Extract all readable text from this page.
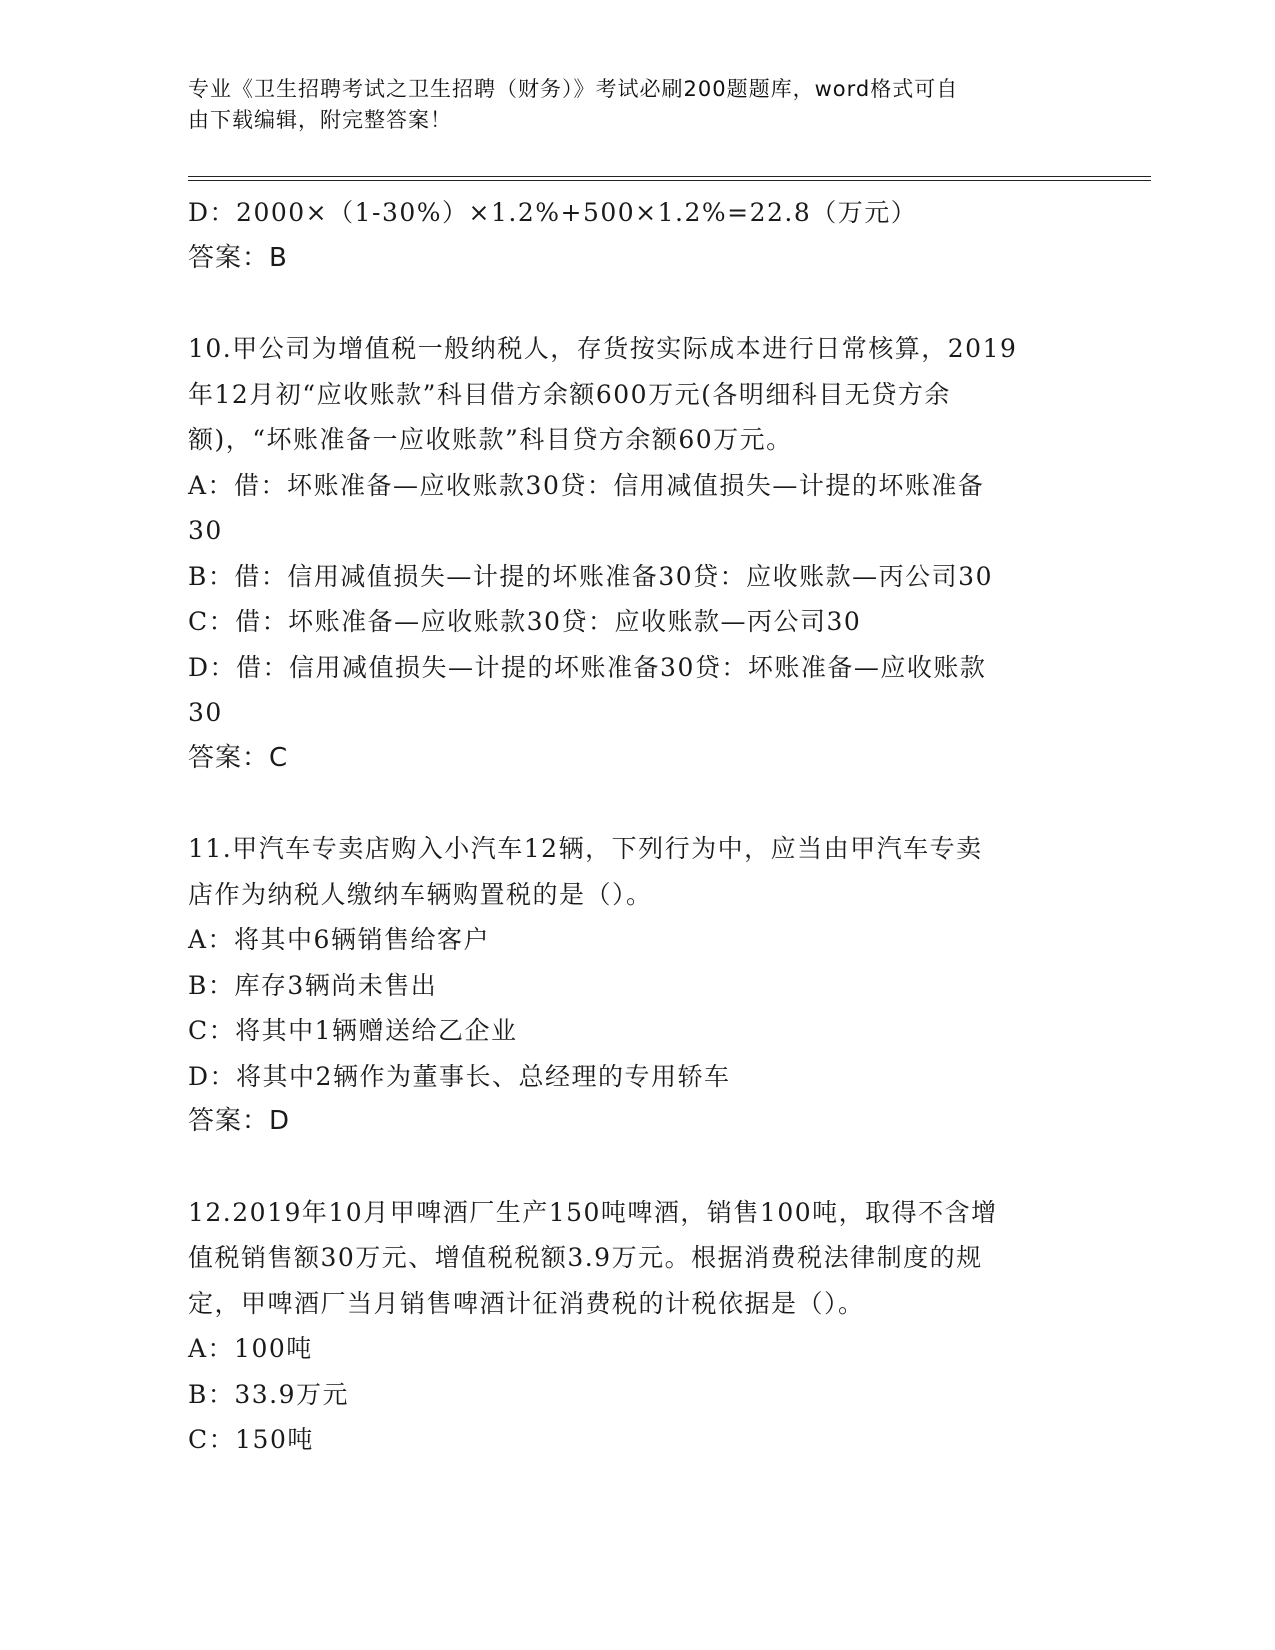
专业《卫生招聘考试之卫生招聘（财务）》考试必刷200题题库，word格式可自
由下载编辑，附完整答案！

D：2000×（1-30%）×1.2%+500×1.2%=22.8（万元）

答案：B

10.甲公司为增值税一般纳税人，存货按实际成本进行日常核算，2019

年12月初“应收账款”科目借方余额600万元(各明细科目无贷方余

额)，“坏账准备一应收账款”科目贷方余额60万元。

A：借：坏账准备—应收账款30贷：信用减值损失—计提的坏账准备

30

B：借：信用减值损失—计提的坏账准备30贷：应收账款—丙公司30

C：借：坏账准备—应收账款30贷：应收账款—丙公司30

D：借：信用减值损失—计提的坏账准备30贷：坏账准备—应收账款

30

答案：C

11.甲汽车专卖店购入小汽车12辆，下列行为中，应当由甲汽车专卖

店作为纳税人缴纳车辆购置税的是（）。

A：将其中6辆销售给客户

B：库存3辆尚未售出

C：将其中1辆赠送给乙企业

D：将其中2辆作为董事长、总经理的专用轿车

答案：D

12.2019年10月甲啤酒厂生产150吨啤酒，销售100吨，取得不含增

值税销售额30万元、增值税税额3.9万元。根据消费税法律制度的规

定，甲啤酒厂当月销售啤酒计征消费税的计税依据是（）。

A：100吨

B：33.9万元

C：150吨
